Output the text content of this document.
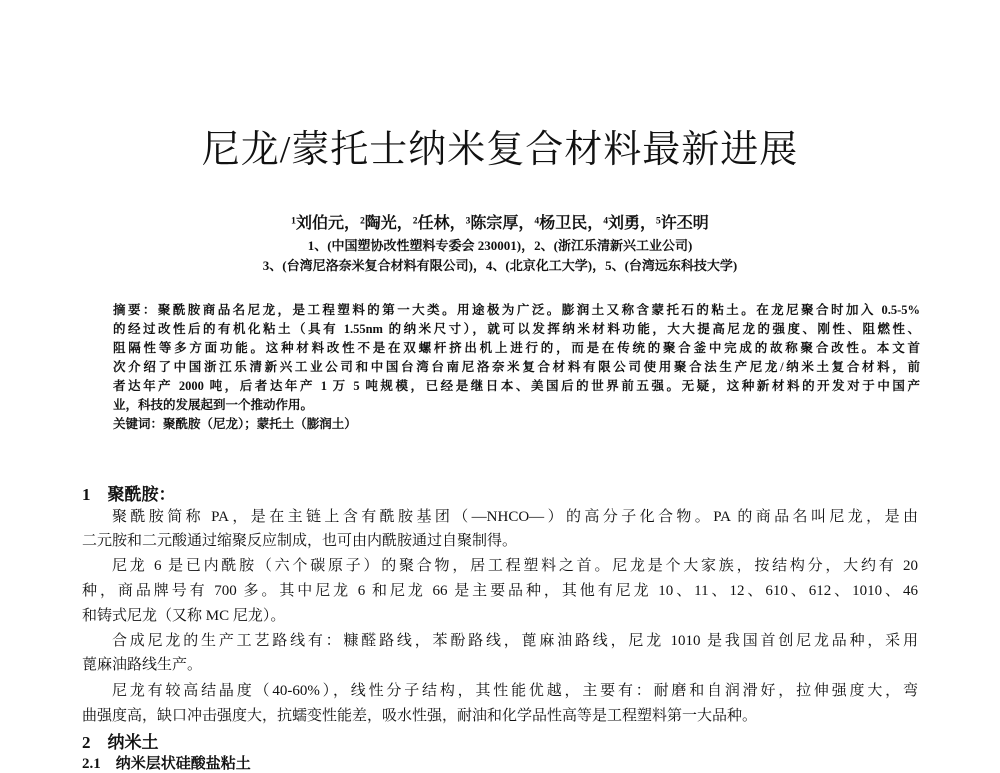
尼龙/蒙托士纳米复合材料最新进展
¹刘伯元，²陶光，²任林，³陈宗厚，⁴杨卫民，⁴刘勇，⁵许丕明
1、(中国塑协改性塑料专委会 230001)，2、(浙江乐清新兴工业公司)
3、(台湾尼洛奈米复合材料有限公司)，4、(北京化工大学)，5、(台湾远东科技大学)
摘要：聚酰胺商品名尼龙，是工程塑料的第一大类。用途极为广泛。膨润土又称含蒙托石的粘土。在龙尼聚合时加入 0.5-5%
的经过改性后的有机化粘土（具有 1.55nm 的纳米尺寸），就可以发挥纳米材料功能，大大提高尼龙的强度、刚性、阻燃性、
阻隔性等多方面功能。这种材料改性不是在双螺杆挤出机上进行的，而是在传统的聚合釜中完成的故称聚合改性。本文首
次介绍了中国浙江乐清新兴工业公司和中国台湾台南尼洛奈米复合材料有限公司使用聚合法生产尼龙/纳米土复合材料，前
者达年产 2000 吨，后者达年产 1 万 5 吨规模，已经是继日本、美国后的世界前五强。无疑，这种新材料的开发对于中国产
业，科技的发展起到一个推动作用。
关键词：聚酰胺（尼龙）；蒙托土（膨润土）
1　聚酰胺：
聚酰胺简称 PA，是在主链上含有酰胺基团（—NHCO—）的高分子化合物。PA 的商品名叫尼龙，是由
二元胺和二元酸通过缩聚反应制成，也可由内酰胺通过自聚制得。
尼龙 6 是已内酰胺（六个碳原子）的聚合物，居工程塑料之首。尼龙是个大家族，按结构分，大约有 20
种，商品牌号有 700 多。其中尼龙 6 和尼龙 66 是主要品种，其他有尼龙 10、11、12、610、612、1010、46
和铸式尼龙（又称 MC 尼龙）。
合成尼龙的生产工艺路线有：糠醛路线，苯酚路线，蓖麻油路线，尼龙 1010 是我国首创尼龙品种，采用
蓖麻油路线生产。
尼龙有较高结晶度（40-60%），线性分子结构，其性能优越，主要有：耐磨和自润滑好，拉伸强度大，弯
曲强度高，缺口冲击强度大，抗蠕变性能差，吸水性强，耐油和化学品性高等是工程塑料第一大品种。
2　纳米土
2.1　纳米层状硅酸盐粘土
